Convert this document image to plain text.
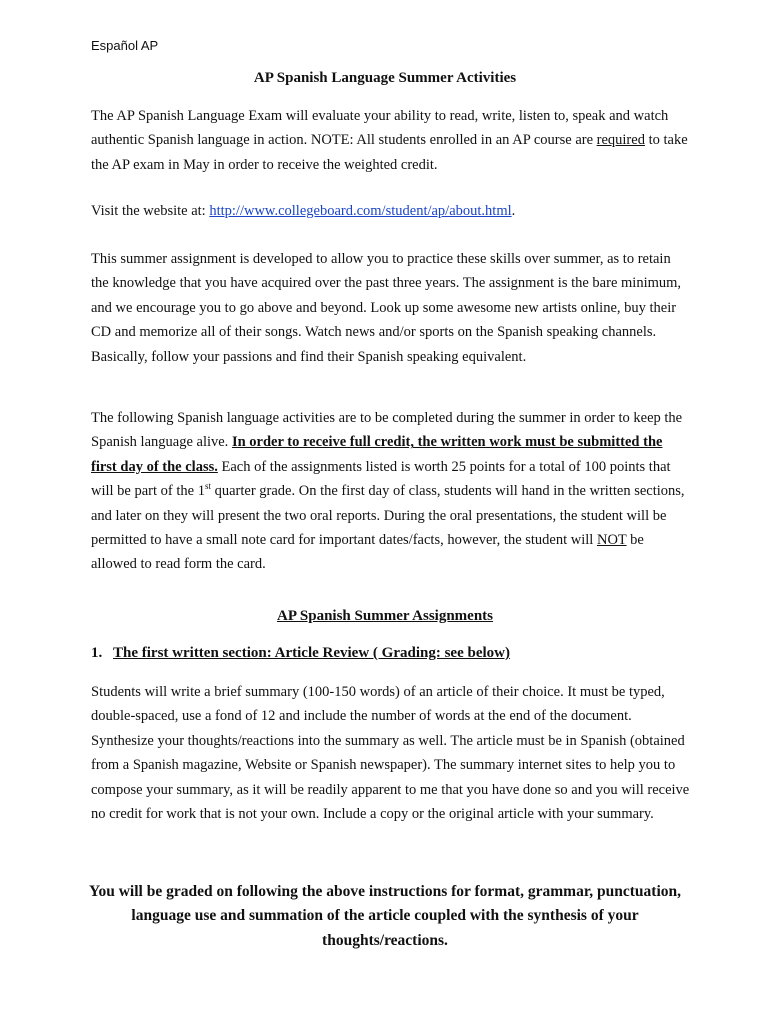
Español AP
AP Spanish Language Summer Activities

The AP Spanish Language Exam will evaluate your ability to read, write, listen to, speak and watch authentic Spanish language in action. NOTE: All students enrolled in an AP course are required to take the AP exam in May in order to receive the weighted credit.

Visit the website at: http://www.collegeboard.com/student/ap/about.html.

This summer assignment is developed to allow you to practice these skills over summer, as to retain the knowledge that you have acquired over the past three years. The assignment is the bare minimum, and we encourage you to go above and beyond. Look up some awesome new artists online, buy their CD and memorize all of their songs. Watch news and/or sports on the Spanish speaking channels. Basically, follow your passions and find their Spanish speaking equivalent.

The following Spanish language activities are to be completed during the summer in order to keep the Spanish language alive. In order to receive full credit, the written work must be submitted the first day of the class. Each of the assignments listed is worth 25 points for a total of 100 points that will be part of the 1st quarter grade. On the first day of class, students will hand in the written sections, and later on they will present the two oral reports. During the oral presentations, the student will be permitted to have a small note card for important dates/facts, however, the student will NOT be allowed to read form the card.

AP Spanish Summer Assignments
1. The first written section: Article Review ( Grading: see below)

Students will write a brief summary (100-150 words) of an article of their choice. It must be typed, double-spaced, use a fond of 12 and include the number of words at the end of the document. Synthesize your thoughts/reactions into the summary as well. The article must be in Spanish (obtained from a Spanish magazine, Website or Spanish newspaper). The summary internet sites to help you to compose your summary, as it will be readily apparent to me that you have done so and you will receive no credit for work that is not your own. Include a copy or the original article with your summary.

You will be graded on following the above instructions for format, grammar, punctuation, language use and summation of the article coupled with the synthesis of your thoughts/reactions.
